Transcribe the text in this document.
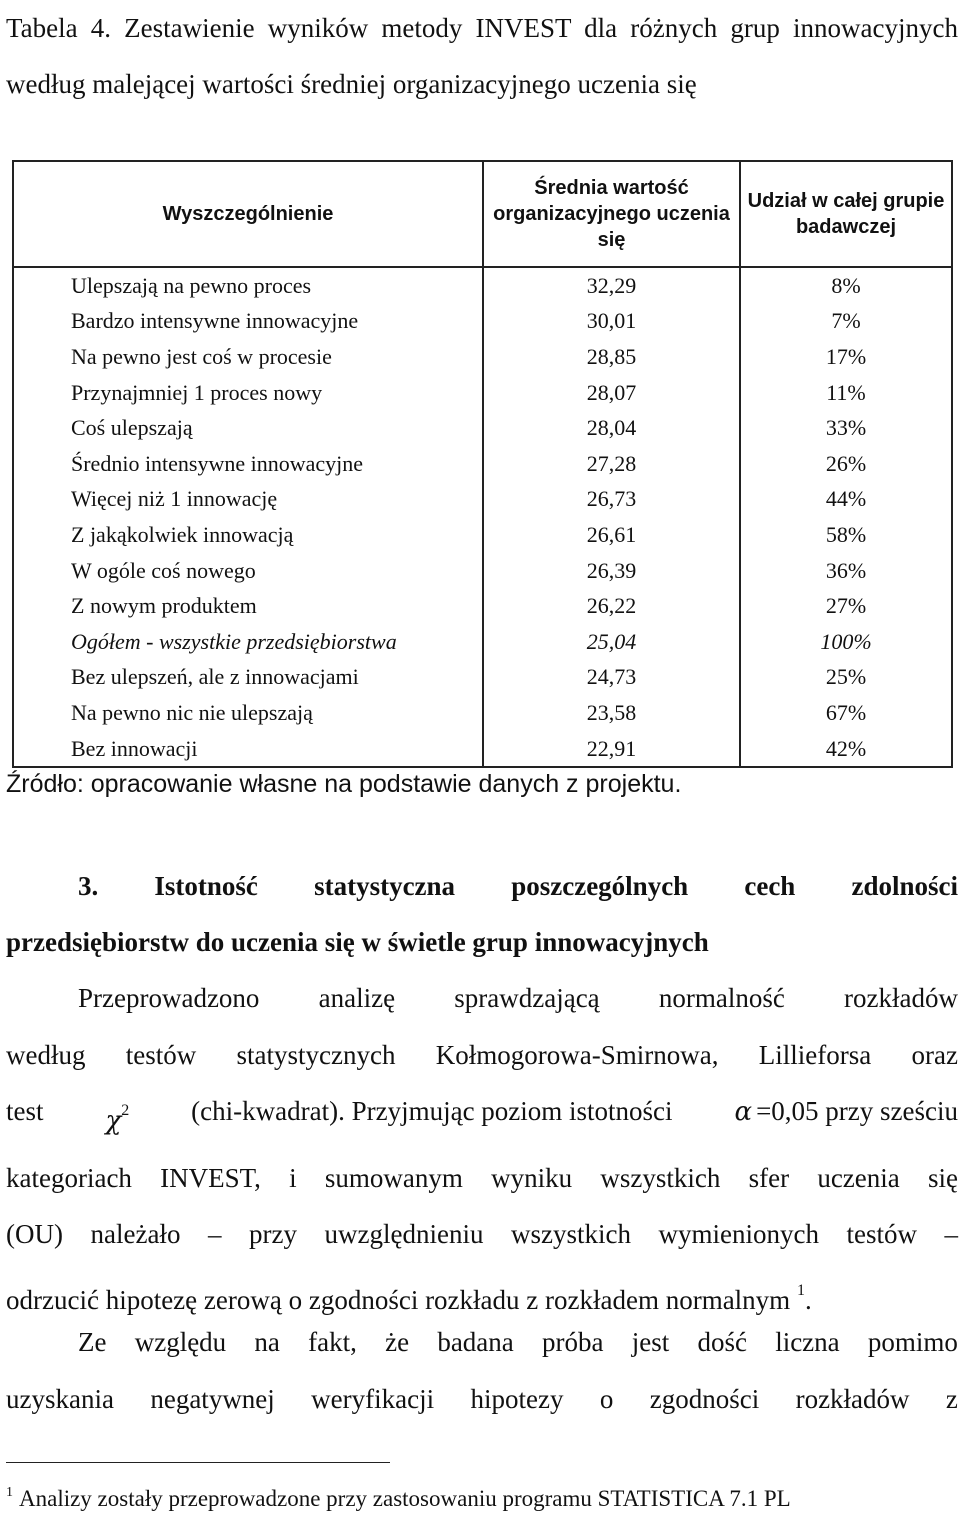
Tabela 4. Zestawienie wyników metody INVEST dla różnych grup innowacyjnych według malejącej wartości średniej organizacyjnego uczenia się
Wyszczególnienie	Średnia wartość organizacyjnego uczenia się	Udział w całej grupie badawczej
Ulepszają na pewno proces	32,29	8%
Bardzo intensywne innowacyjne	30,01	7%
Na pewno jest coś w procesie	28,85	17%
Przynajmniej 1 proces nowy	28,07	11%
Coś ulepszają	28,04	33%
Średnio intensywne innowacyjne	27,28	26%
Więcej niż 1 innowację	26,73	44%
Z jakąkolwiek innowacją	26,61	58%
W ogóle coś nowego	26,39	36%
Z nowym produktem	26,22	27%
Ogółem - wszystkie przedsiębiorstwa	25,04	100%
Bez ulepszeń, ale z innowacjami	24,73	25%
Na pewno nic nie ulepszają	23,58	67%
Bez innowacji	22,91	42%
Źródło: opracowanie własne na podstawie danych z projektu.
3. Istotność statystyczna poszczególnych cech zdolności
przedsiębiorstw do uczenia się w świetle grup innowacyjnych
Przeprowadzono analizę sprawdzającą normalność rozkładów
według testów statystycznych Kołmogorowa-Smirnowa, Lillieforsa oraz
test $\chi^2$ (chi-kwadrat). Przyjmując poziom istotności α =0,05 przy sześciu
kategoriach INVEST, i sumowanym wyniku wszystkich sfer uczenia się
(OU) należało – przy uwzględnieniu wszystkich wymienionych testów –
odrzucić hipotezę zerową o zgodności rozkładu z rozkładem normalnym $^1$.
Ze względu na fakt, że badana próba jest dość liczna pomimo
uzyskania negatywnej weryfikacji hipotezy o zgodności rozkładów z
$^1$ Analizy zostały przeprowadzone przy zastosowaniu programu STATISTICA 7.1 PL
